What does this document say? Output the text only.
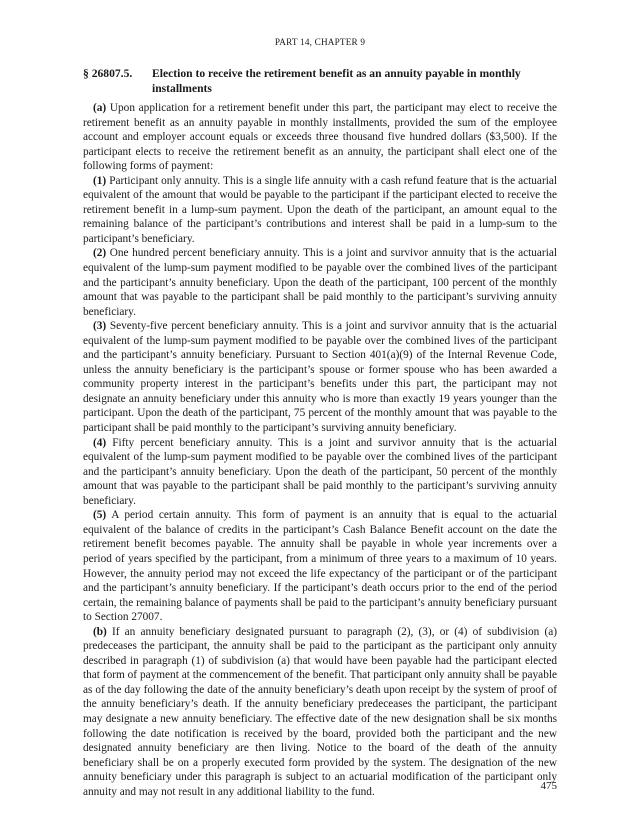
PART 14, CHAPTER 9
§ 26807.5. Election to receive the retirement benefit as an annuity payable in monthly installments

(a) Upon application for a retirement benefit under this part, the participant may elect to receive the retirement benefit as an annuity payable in monthly installments, provided the sum of the employee account and employer account equals or exceeds three thousand five hundred dollars ($3,500). If the participant elects to receive the retirement benefit as an annuity, the participant shall elect one of the following forms of payment:

(1) Participant only annuity. This is a single life annuity with a cash refund feature that is the actuarial equivalent of the amount that would be payable to the participant if the participant elected to receive the retirement benefit in a lump-sum payment. Upon the death of the participant, an amount equal to the remaining balance of the participant’s contributions and interest shall be paid in a lump-sum to the participant’s beneficiary.

(2) One hundred percent beneficiary annuity. This is a joint and survivor annuity that is the actuarial equivalent of the lump-sum payment modified to be payable over the combined lives of the participant and the participant’s annuity beneficiary. Upon the death of the participant, 100 percent of the monthly amount that was payable to the participant shall be paid monthly to the participant’s surviving annuity beneficiary.

(3) Seventy-five percent beneficiary annuity. This is a joint and survivor annuity that is the actuarial equivalent of the lump-sum payment modified to be payable over the combined lives of the participant and the participant’s annuity beneficiary. Pursuant to Section 401(a)(9) of the Internal Revenue Code, unless the annuity beneficiary is the participant’s spouse or former spouse who has been awarded a community property interest in the participant’s benefits under this part, the participant may not designate an annuity beneficiary under this annuity who is more than exactly 19 years younger than the participant. Upon the death of the participant, 75 percent of the monthly amount that was payable to the participant shall be paid monthly to the participant’s surviving annuity beneficiary.

(4) Fifty percent beneficiary annuity. This is a joint and survivor annuity that is the actuarial equivalent of the lump-sum payment modified to be payable over the combined lives of the participant and the participant’s annuity beneficiary. Upon the death of the participant, 50 percent of the monthly amount that was payable to the participant shall be paid monthly to the participant’s surviving annuity beneficiary.

(5) A period certain annuity. This form of payment is an annuity that is equal to the actuarial equivalent of the balance of credits in the participant’s Cash Balance Benefit account on the date the retirement benefit becomes payable. The annuity shall be payable in whole year increments over a period of years specified by the participant, from a minimum of three years to a maximum of 10 years. However, the annuity period may not exceed the life expectancy of the participant or of the participant and the participant’s annuity beneficiary. If the participant’s death occurs prior to the end of the period certain, the remaining balance of payments shall be paid to the participant’s annuity beneficiary pursuant to Section 27007.

(b) If an annuity beneficiary designated pursuant to paragraph (2), (3), or (4) of subdivision (a) predeceases the participant, the annuity shall be paid to the participant as the participant only annuity described in paragraph (1) of subdivision (a) that would have been payable had the participant elected that form of payment at the commencement of the benefit. That participant only annuity shall be payable as of the day following the date of the annuity beneficiary’s death upon receipt by the system of proof of the annuity beneficiary’s death. If the annuity beneficiary predeceases the participant, the participant may designate a new annuity beneficiary. The effective date of the new designation shall be six months following the date notification is received by the board, provided both the participant and the new designated annuity beneficiary are then living. Notice to the board of the death of the annuity beneficiary shall be on a properly executed form provided by the system. The designation of the new annuity beneficiary under this paragraph is subject to an actuarial modification of the participant only annuity and may not result in any additional liability to the fund.	475
